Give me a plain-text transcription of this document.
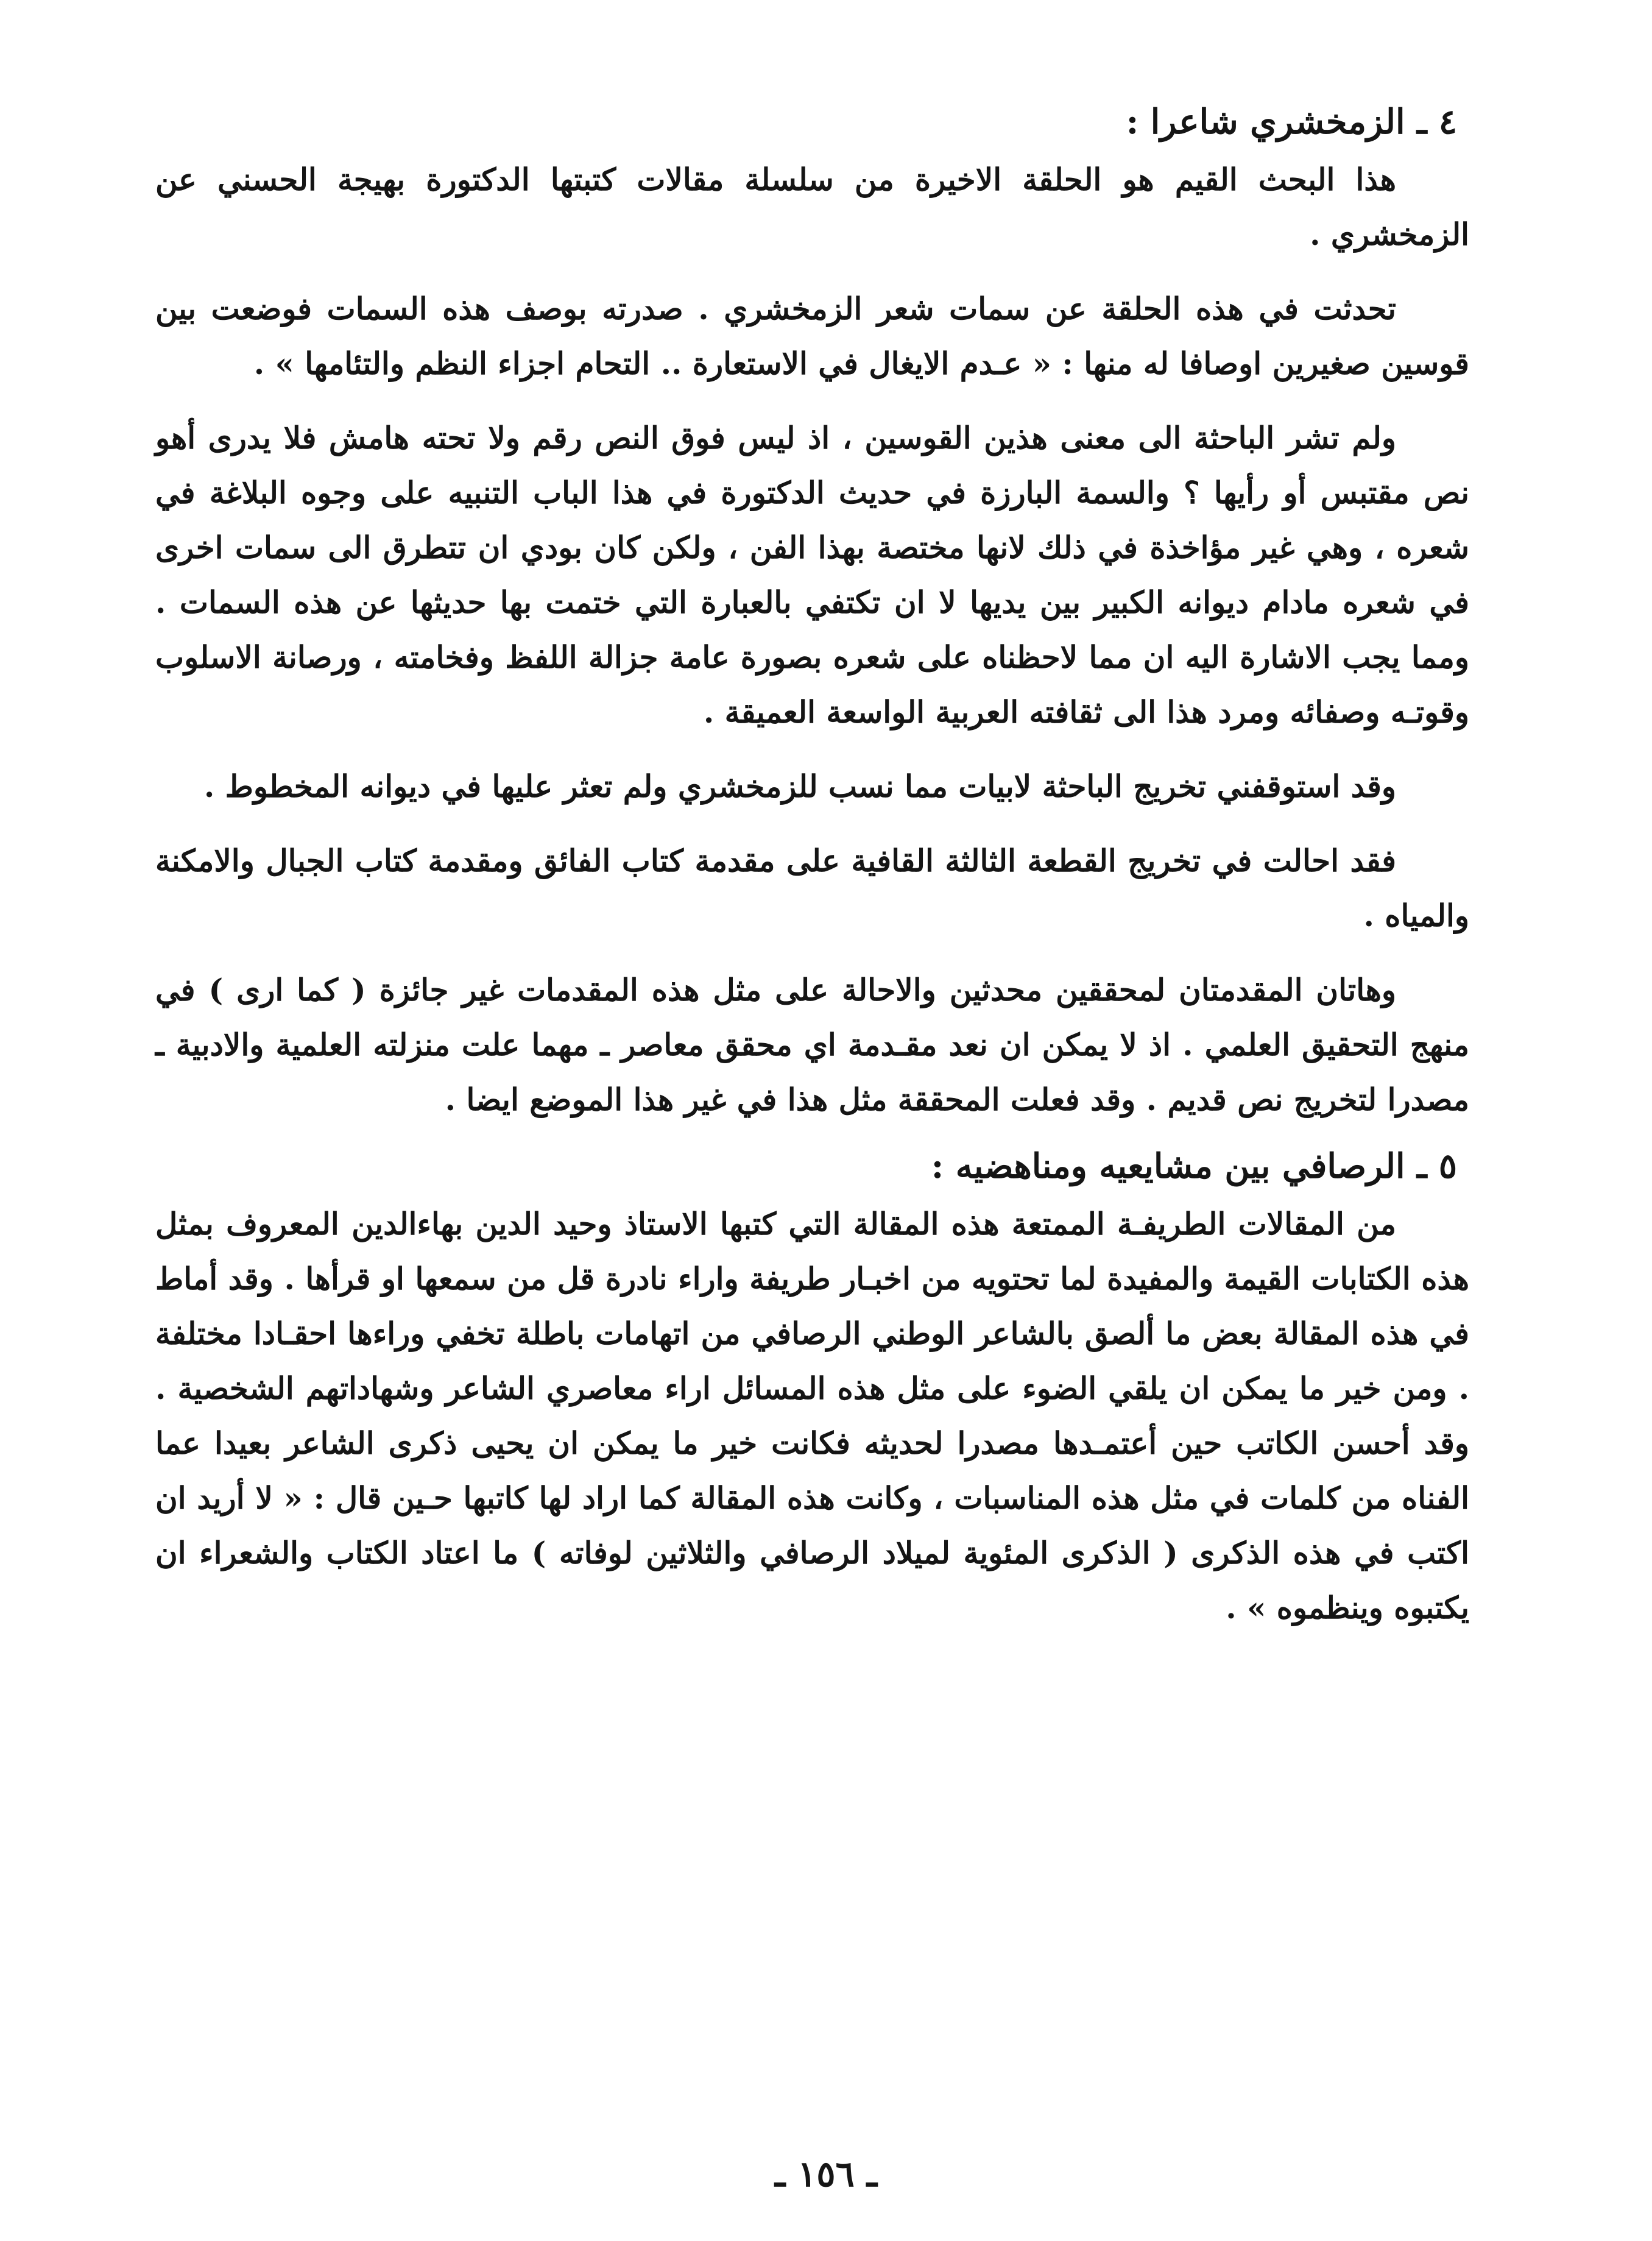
٤ ـ الزمخشري شاعرا :

هذا البحث القيم هو الحلقة الاخيرة من سلسلة مقالات كتبتها الدكتورة بهيجة الحسني عن الزمخشري .

تحدثت في هذه الحلقة عن سمات شعر الزمخشري . صدرته بوصف هذه السمات فوضعت بين قوسين صغيرين اوصافا له منها : « عـدم الايغال في الاستعارة .. التحام اجزاء النظم والتئامها » .

ولم تشر الباحثة الى معنى هذين القوسين ، اذ ليس فوق النص رقم ولا تحته هامش فلا يدرى أهو نص مقتبس أو رأيها ؟ والسمة البارزة في حديث الدكتورة في هذا الباب التنبيه على وجوه البلاغة في شعره ، وهي غير مؤاخذة في ذلك لانها مختصة بهذا الفن ، ولكن كان بودي ان تتطرق الى سمات اخرى في شعره مادام ديوانه الكبير بين يديها لا ان تكتفي بالعبارة التي ختمت بها حديثها عن هذه السمات . ومما يجب الاشارة اليه ان مما لاحظناه على شعره بصورة عامة جزالة اللفظ وفخامته ، ورصانة الاسلوب وقوتـه وصفائه ومرد هذا الى ثقافته العربية الواسعة العميقة .

وقد استوقفني تخريج الباحثة لابيات مما نسب للزمخشري ولم تعثر عليها في ديوانه المخطوط .

فقد احالت في تخريج القطعة الثالثة القافية على مقدمة كتاب الفائق ومقدمة كتاب الجبال والامكنة والمياه .

وهاتان المقدمتان لمحققين محدثين والاحالة على مثل هذه المقدمات غير جائزة ( كما ارى ) في منهج التحقيق العلمي . اذ لا يمكن ان نعد مقـدمة اي محقق معاصر ـ مهما علت منزلته العلمية والادبية ـ مصدرا لتخريج نص قديم . وقد فعلت المحققة مثل هذا في غير هذا الموضع ايضا .

٥ ـ الرصافي بين مشايعيه ومناهضيه :

من المقالات الطريفـة الممتعة هذه المقالة التي كتبها الاستاذ وحيد الدين بهاءالدين المعروف بمثل هذه الكتابات القيمة والمفيدة لما تحتويه من اخبـار طريفة واراء نادرة قل من سمعها او قرأها . وقد أماط في هذه المقالة بعض ما ألصق بالشاعر الوطني الرصافي من اتهامات باطلة تخفي وراءها احقـادا مختلفة . ومن خير ما يمكن ان يلقي الضوء على مثل هذه المسائل اراء معاصري الشاعر وشهاداتهم الشخصية . وقد أحسن الكاتب حين أعتمـدها مصدرا لحديثه فكانت خير ما يمكن ان يحيى ذكرى الشاعر بعيدا عما الفناه من كلمات في مثل هذه المناسبات ، وكانت هذه المقالة كما اراد لها كاتبها حـين قال : « لا أريد ان اكتب في هذه الذكرى ( الذكرى المئوية لميلاد الرصافي والثلاثين لوفاته ) ما اعتاد الكتاب والشعراء ان يكتبوه وينظموه » .

ـ ١٥٦ ـ
